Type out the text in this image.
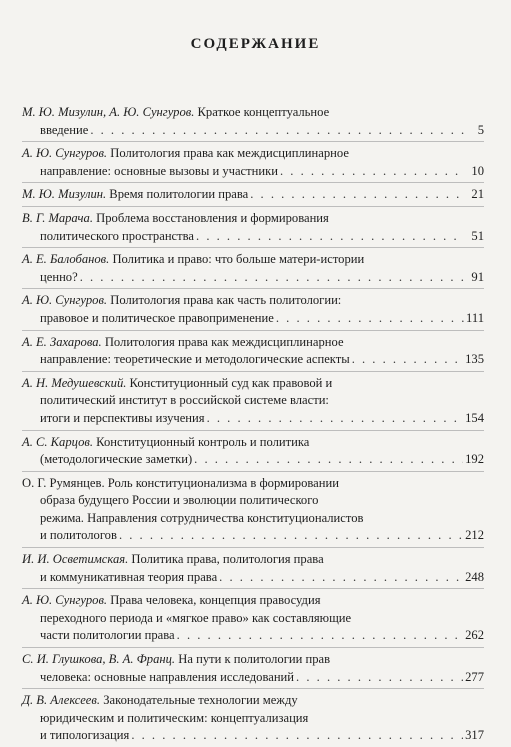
СОДЕРЖАНИЕ
М. Ю. Мизулин, А. Ю. Сунгуров. Краткое концептуальное
введение . . .	5
А. Ю. Сунгуров. Политология права как междисциплинарное
направление: основные вызовы и участники . . .	10
М. Ю. Мизулин. Время политологии права . . .	21
В. Г. Марача. Проблема восстановления и формирования
политического пространства . . .	51
А. Е. Балобанов. Политика и право: что больше матери-истории
ценно? . . .	91
А. Ю. Сунгуров. Политология права как часть политологии:
правовое и политическое правоприменение . . .	111
А. Е. Захарова. Политология права как междисциплинарное
направление: теоретические и методологические аспекты . . .	135
А. Н. Медушевский. Конституционный суд как правовой и
политический институт в российской системе власти:
итоги и перспективы изучения . . .	154
А. С. Карцов. Конституционный контроль и политика
(методологические заметки) . . .	192
О. Г. Румянцев. Роль конституционализма в формировании
образа будущего России и эволюции политического
режима. Направления сотрудничества конституционалистов
и политологов . . .	212
И. И. Осветимская. Политика права, политология права
и коммуникативная теория права . . .	248
А. Ю. Сунгуров. Права человека, концепция правосудия
переходного периода и «мягкое право» как составляющие
части политологии права . . .	262
С. И. Глушкова, В. А. Франц. На пути к политологии прав
человека: основные направления исследований . . .	277
Д. В. Алексеев. Законодательные технологии между
юридическим и политическим: концептуализация
и типологизация . . .	317
